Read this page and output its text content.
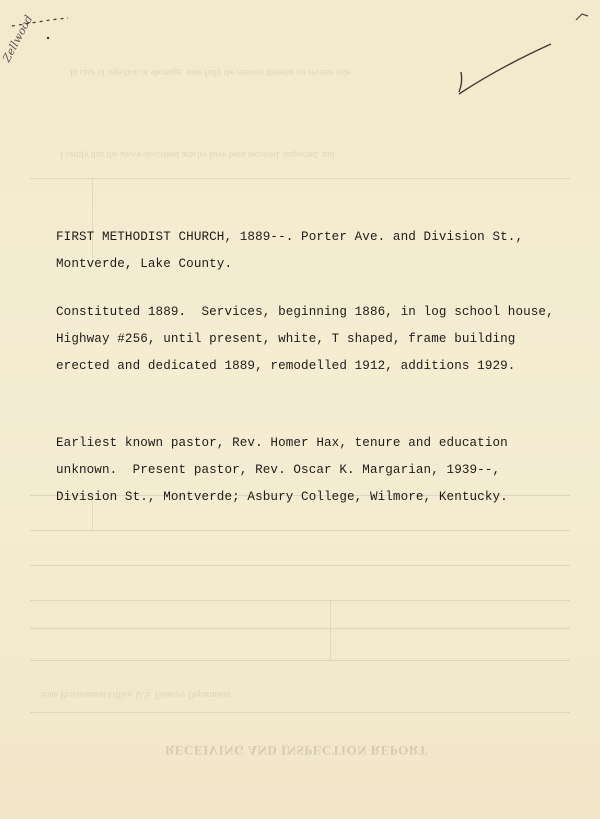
In case of rejection or shortage, state fully the reasons therefor on reverse side
I certify that the above-described articles have been received, inspected, and
State Procurement Office, U.S. Treasury Department
RECEIVING AND INSPECTION REPORT
Zellwood
FIRST METHODIST CHURCH, 1889--. Porter Ave. and Division St.,
Montverde, Lake County.
Constituted 1889.  Services, beginning 1886, in log school house,
Highway #256, until present, white, T shaped, frame building
erected and dedicated 1889, remodelled 1912, additions 1929.
Earliest known pastor, Rev. Homer Hax, tenure and education
unknown.  Present pastor, Rev. Oscar K. Margarian, 1939--,
Division St., Montverde; Asbury College, Wilmore, Kentucky.
